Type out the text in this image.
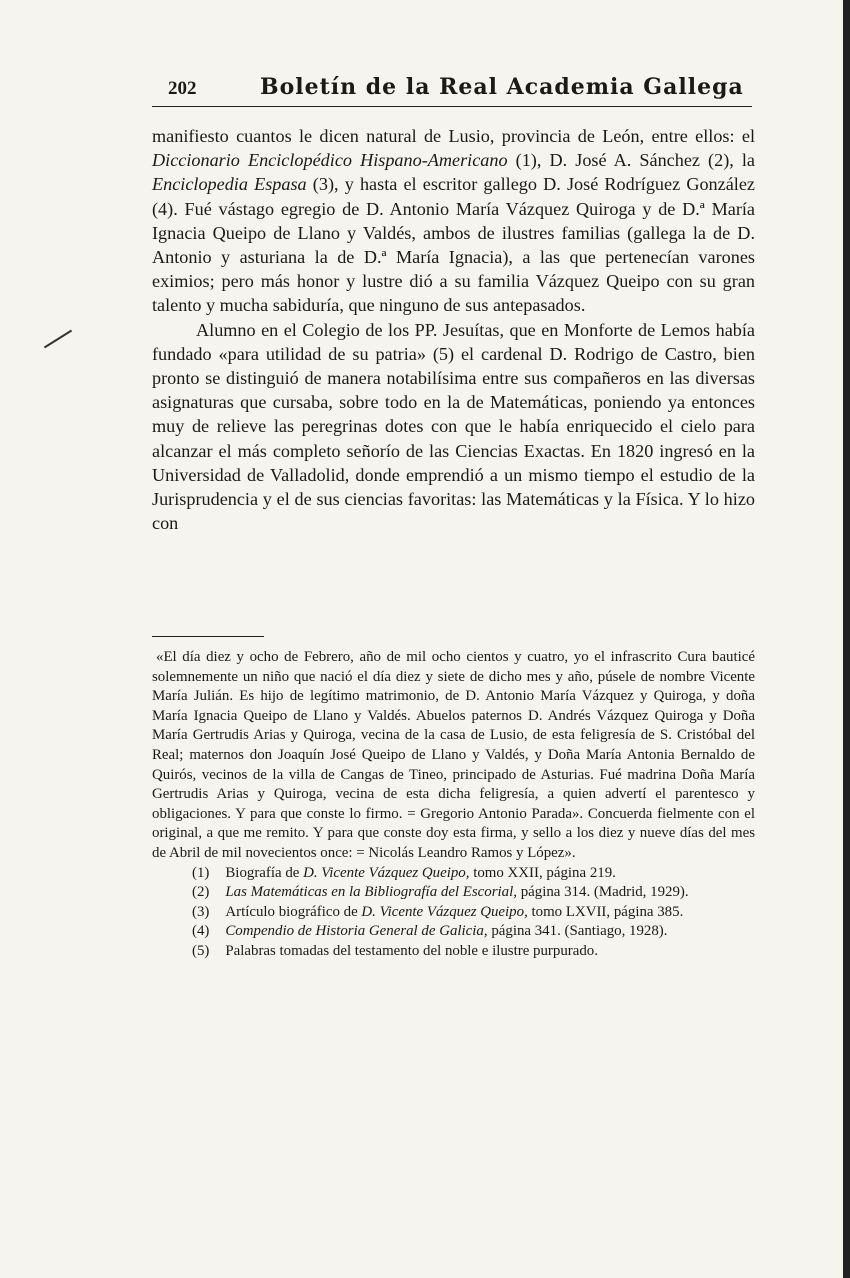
202	Boletín de la Real Academia Gallega

manifiesto cuantos le dicen natural de Lusio, provincia de León, entre ellos: el Diccionario Enciclopédico Hispano-Americano (1), D. José A. Sánchez (2), la Enciclopedia Espasa (3), y hasta el escritor gallego D. José Rodríguez González (4). Fué vástago egregio de D. Antonio María Vázquez Quiroga y de D.ª María Ignacia Queipo de Llano y Valdés, ambos de ilustres familias (gallega la de D. Antonio y asturiana la de D.ª María Ignacia), a las que pertenecían varones eximios; pero más honor y lustre dió a su familia Vázquez Queipo con su gran talento y mucha sabiduría, que ninguno de sus antepasados.

Alumno en el Colegio de los PP. Jesuítas, que en Monforte de Lemos había fundado «para utilidad de su patria» (5) el cardenal D. Rodrigo de Castro, bien pronto se distinguió de manera notabilísima entre sus compañeros en las diversas asignaturas que cursaba, sobre todo en la de Matemáticas, poniendo ya entonces muy de relieve las peregrinas dotes con que le había enriquecido el cielo para alcanzar el más completo señorío de las Ciencias Exactas. En 1820 ingresó en la Universidad de Valladolid, donde emprendió a un mismo tiempo el estudio de la Jurisprudencia y el de sus ciencias favoritas: las Matemáticas y la Física. Y lo hizo con

«El día diez y ocho de Febrero, año de mil ocho cientos y cuatro, yo el infrascrito Cura bauticé solemnemente un niño que nació el día diez y siete de dicho mes y año, púsele de nombre Vicente María Julián. Es hijo de legítimo matrimonio, de D. Antonio María Vázquez y Quiroga, y doña María Ignacia Queipo de Llano y Valdés. Abuelos paternos D. Andrés Vázquez Quiroga y Doña María Gertrudis Arias y Quiroga, vecina de la casa de Lusio, de esta feligresía de S. Cristóbal del Real; maternos don Joaquín José Queipo de Llano y Valdés, y Doña María Antonia Bernaldo de Quirós, vecinos de la villa de Cangas de Tineo, principado de Asturias. Fué madrina Doña María Gertrudis Arias y Quiroga, vecina de esta dicha feligresía, a quien advertí el parentesco y obligaciones. Y para que conste lo firmo. = Gregorio Antonio Parada». Concuerda fielmente con el original, a que me remito. Y para que conste doy esta firma, y sello a los diez y nueve días del mes de Abril de mil novecientos once: = Nicolás Leandro Ramos y López».

(1) Biografía de D. Vicente Vázquez Queipo, tomo XXII, página 219.

(2) Las Matemáticas en la Bibliografía del Escorial, página 314. (Madrid, 1929).

(3) Artículo biográfico de D. Vicente Vázquez Queipo, tomo LXVII, página 385.

(4) Compendio de Historia General de Galicia, página 341. (Santiago, 1928).

(5) Palabras tomadas del testamento del noble e ilustre purpurado.
